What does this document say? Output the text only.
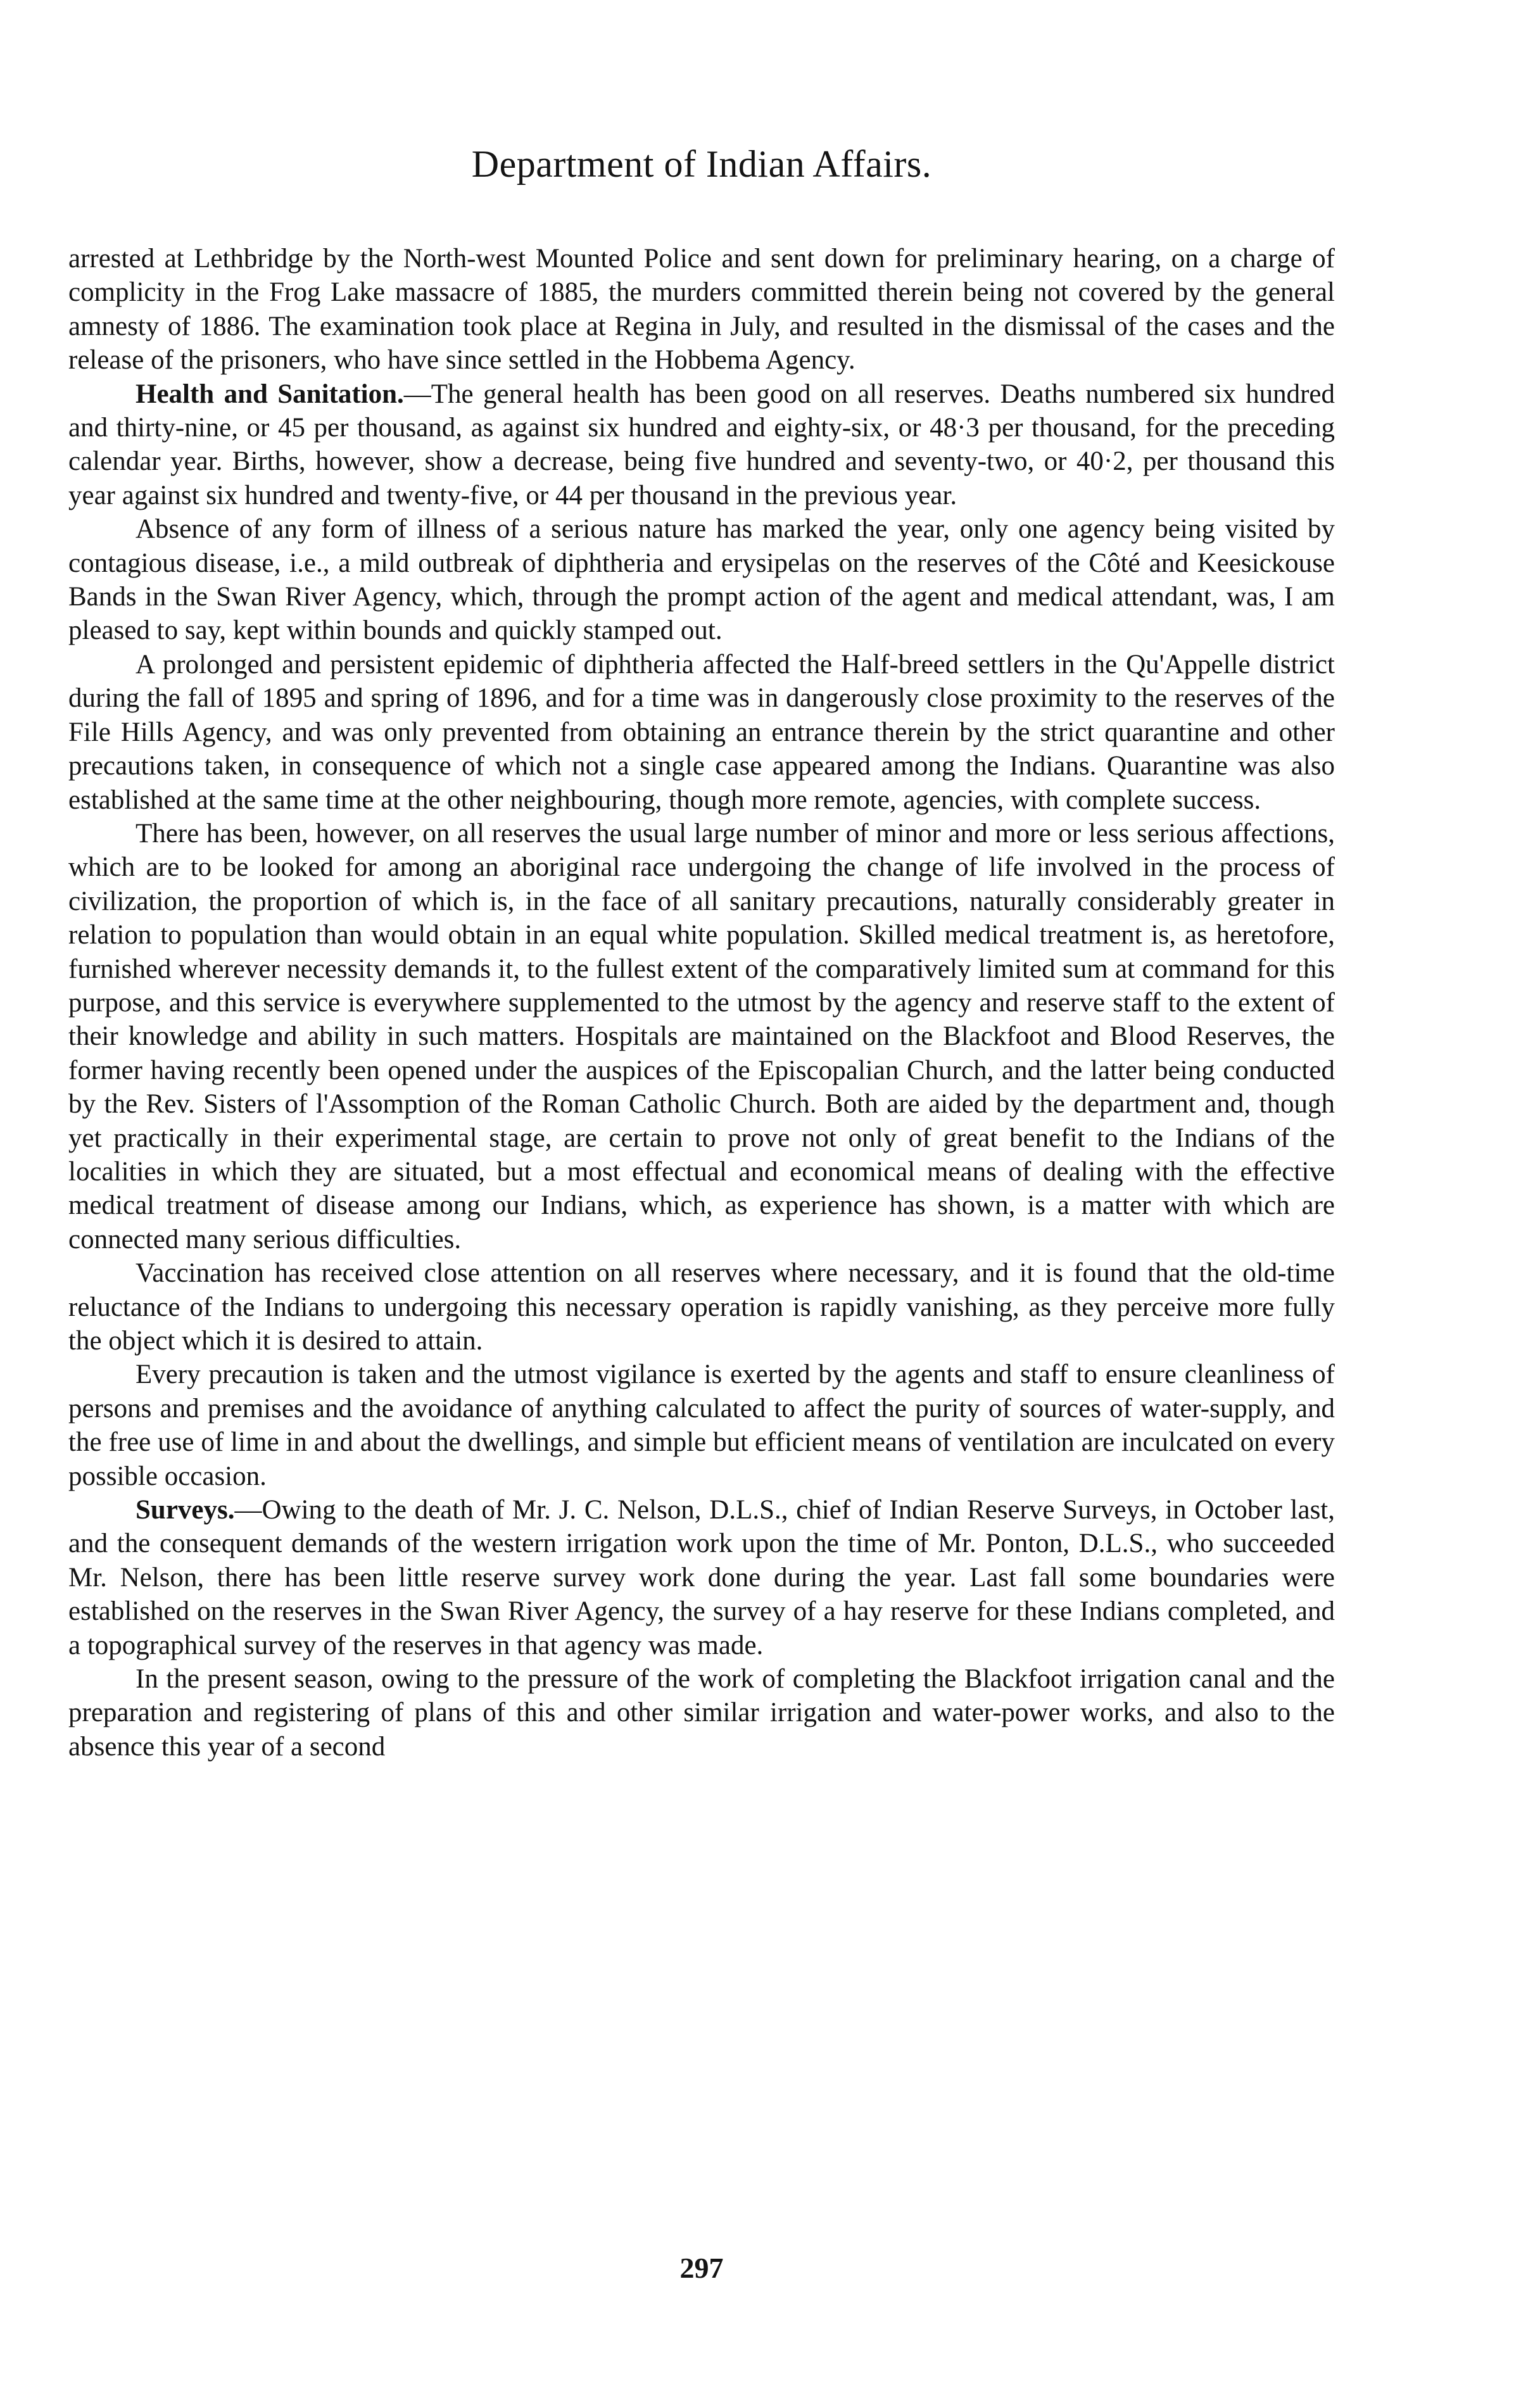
Department of Indian Affairs.

arrested at Lethbridge by the North-west Mounted Police and sent down for preliminary hearing, on a charge of complicity in the Frog Lake massacre of 1885, the murders committed therein being not covered by the general amnesty of 1886. The examination took place at Regina in July, and resulted in the dismissal of the cases and the release of the prisoners, who have since settled in the Hobbema Agency.

Health and Sanitation.—The general health has been good on all reserves. Deaths numbered six hundred and thirty-nine, or 45 per thousand, as against six hundred and eighty-six, or 48·3 per thousand, for the preceding calendar year. Births, however, show a decrease, being five hundred and seventy-two, or 40·2, per thousand this year against six hundred and twenty-five, or 44 per thousand in the previous year.

Absence of any form of illness of a serious nature has marked the year, only one agency being visited by contagious disease, i.e., a mild outbreak of diphtheria and erysipelas on the reserves of the Côté and Keesickouse Bands in the Swan River Agency, which, through the prompt action of the agent and medical attendant, was, I am pleased to say, kept within bounds and quickly stamped out.

A prolonged and persistent epidemic of diphtheria affected the Half-breed settlers in the Qu'Appelle district during the fall of 1895 and spring of 1896, and for a time was in dangerously close proximity to the reserves of the File Hills Agency, and was only prevented from obtaining an entrance therein by the strict quarantine and other precautions taken, in consequence of which not a single case appeared among the Indians. Quarantine was also established at the same time at the other neighbouring, though more remote, agencies, with complete success.

There has been, however, on all reserves the usual large number of minor and more or less serious affections, which are to be looked for among an aboriginal race undergoing the change of life involved in the process of civilization, the proportion of which is, in the face of all sanitary precautions, naturally considerably greater in relation to population than would obtain in an equal white population. Skilled medical treatment is, as heretofore, furnished wherever necessity demands it, to the fullest extent of the comparatively limited sum at command for this purpose, and this service is everywhere supplemented to the utmost by the agency and reserve staff to the extent of their knowledge and ability in such matters. Hospitals are maintained on the Blackfoot and Blood Reserves, the former having recently been opened under the auspices of the Episcopalian Church, and the latter being conducted by the Rev. Sisters of l'Assomption of the Roman Catholic Church. Both are aided by the department and, though yet practically in their experimental stage, are certain to prove not only of great benefit to the Indians of the localities in which they are situated, but a most effectual and economical means of dealing with the effective medical treatment of disease among our Indians, which, as experience has shown, is a matter with which are connected many serious difficulties.

Vaccination has received close attention on all reserves where necessary, and it is found that the old-time reluctance of the Indians to undergoing this necessary operation is rapidly vanishing, as they perceive more fully the object which it is desired to attain.

Every precaution is taken and the utmost vigilance is exerted by the agents and staff to ensure cleanliness of persons and premises and the avoidance of anything calculated to affect the purity of sources of water-supply, and the free use of lime in and about the dwellings, and simple but efficient means of ventilation are inculcated on every possible occasion.

Surveys.—Owing to the death of Mr. J. C. Nelson, D.L.S., chief of Indian Reserve Surveys, in October last, and the consequent demands of the western irrigation work upon the time of Mr. Ponton, D.L.S., who succeeded Mr. Nelson, there has been little reserve survey work done during the year. Last fall some boundaries were established on the reserves in the Swan River Agency, the survey of a hay reserve for these Indians completed, and a topographical survey of the reserves in that agency was made.

In the present season, owing to the pressure of the work of completing the Blackfoot irrigation canal and the preparation and registering of plans of this and other similar irrigation and water-power works, and also to the absence this year of a second

297
